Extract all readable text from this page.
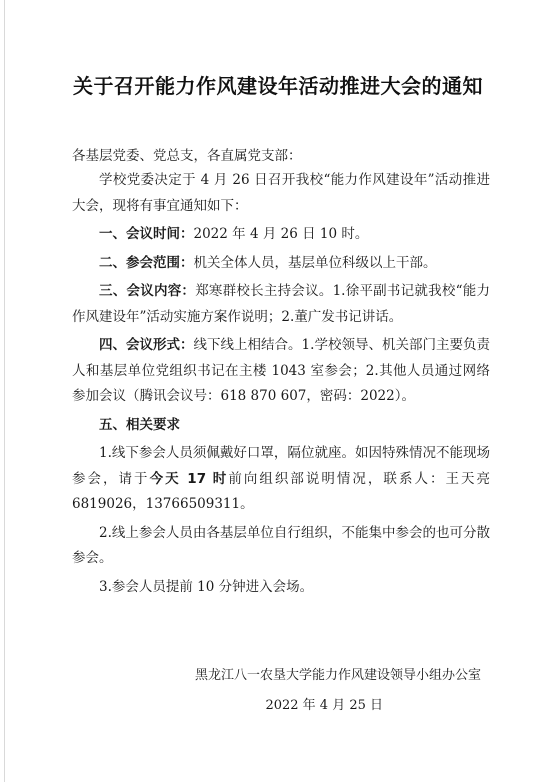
关于召开能力作风建设年活动推进大会的通知
各基层党委、党总支，各直属党支部：

学校党委决定于 4 月 26 日召开我校“能力作风建设年”活动推进大会，现将有事宜通知如下：

一、会议时间：2022 年 4 月 26 日 10 时。

二、参会范围：机关全体人员，基层单位科级以上干部。

三、会议内容：郑寒群校长主持会议。1.徐平副书记就我校“能力作风建设年”活动实施方案作说明；2.董广发书记讲话。

四、会议形式：线下线上相结合。1.学校领导、机关部门主要负责人和基层单位党组织书记在主楼 1043 室参会；2.其他人员通过网络参加会议（腾讯会议号：618 870 607，密码：2022）。

五、相关要求

1.线下参会人员须佩戴好口罩，隔位就座。如因特殊情况不能现场参会，请于今天 17 时前向组织部说明情况，联系人：王天亮 6819026，13766509311。

2.线上参会人员由各基层单位自行组织，不能集中参会的也可分散参会。

3.参会人员提前 10 分钟进入会场。

黑龙江八一农垦大学能力作风建设领导小组办公室
2022 年 4 月 25 日
